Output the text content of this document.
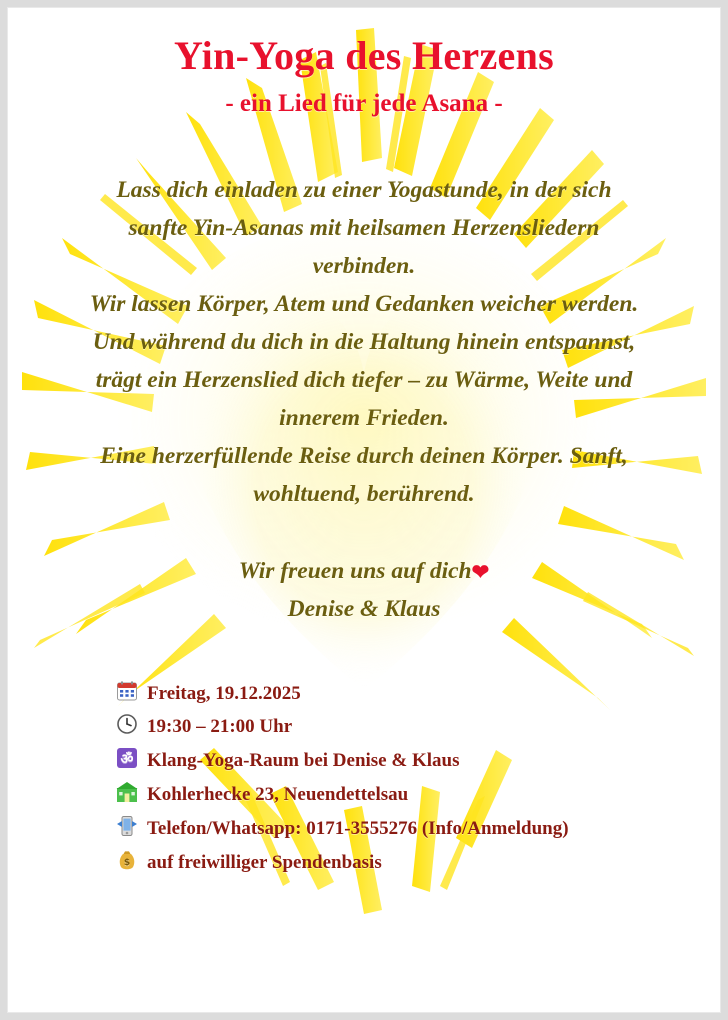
Yin-Yoga des Herzens
- ein Lied für jede Asana -

Lass dich einladen zu einer Yogastunde, in der sich sanfte Yin-Asanas mit heilsamen Herzensliedern verbinden.

Wir lassen Körper, Atem und Gedanken weicher werden. Und während du dich in die Haltung hinein entspannst, trägt ein Herzenslied dich tiefer – zu Wärme, Weite und innerem Frieden.

Eine herzerfüllende Reise durch deinen Körper. Sanft, wohltuend, berührend.

Wir freuen uns auf dich❤
Denise & Klaus
Freitag, 19.12.2025
19:30 – 21:00 Uhr
ॐ Klang-Yoga-Raum bei Denise & Klaus
Kohlerhecke 23, Neuendettelsau
Telefon/Whatsapp: 0171-3555276 (Info/Anmeldung)
$ auf freiwilliger Spendenbasis
